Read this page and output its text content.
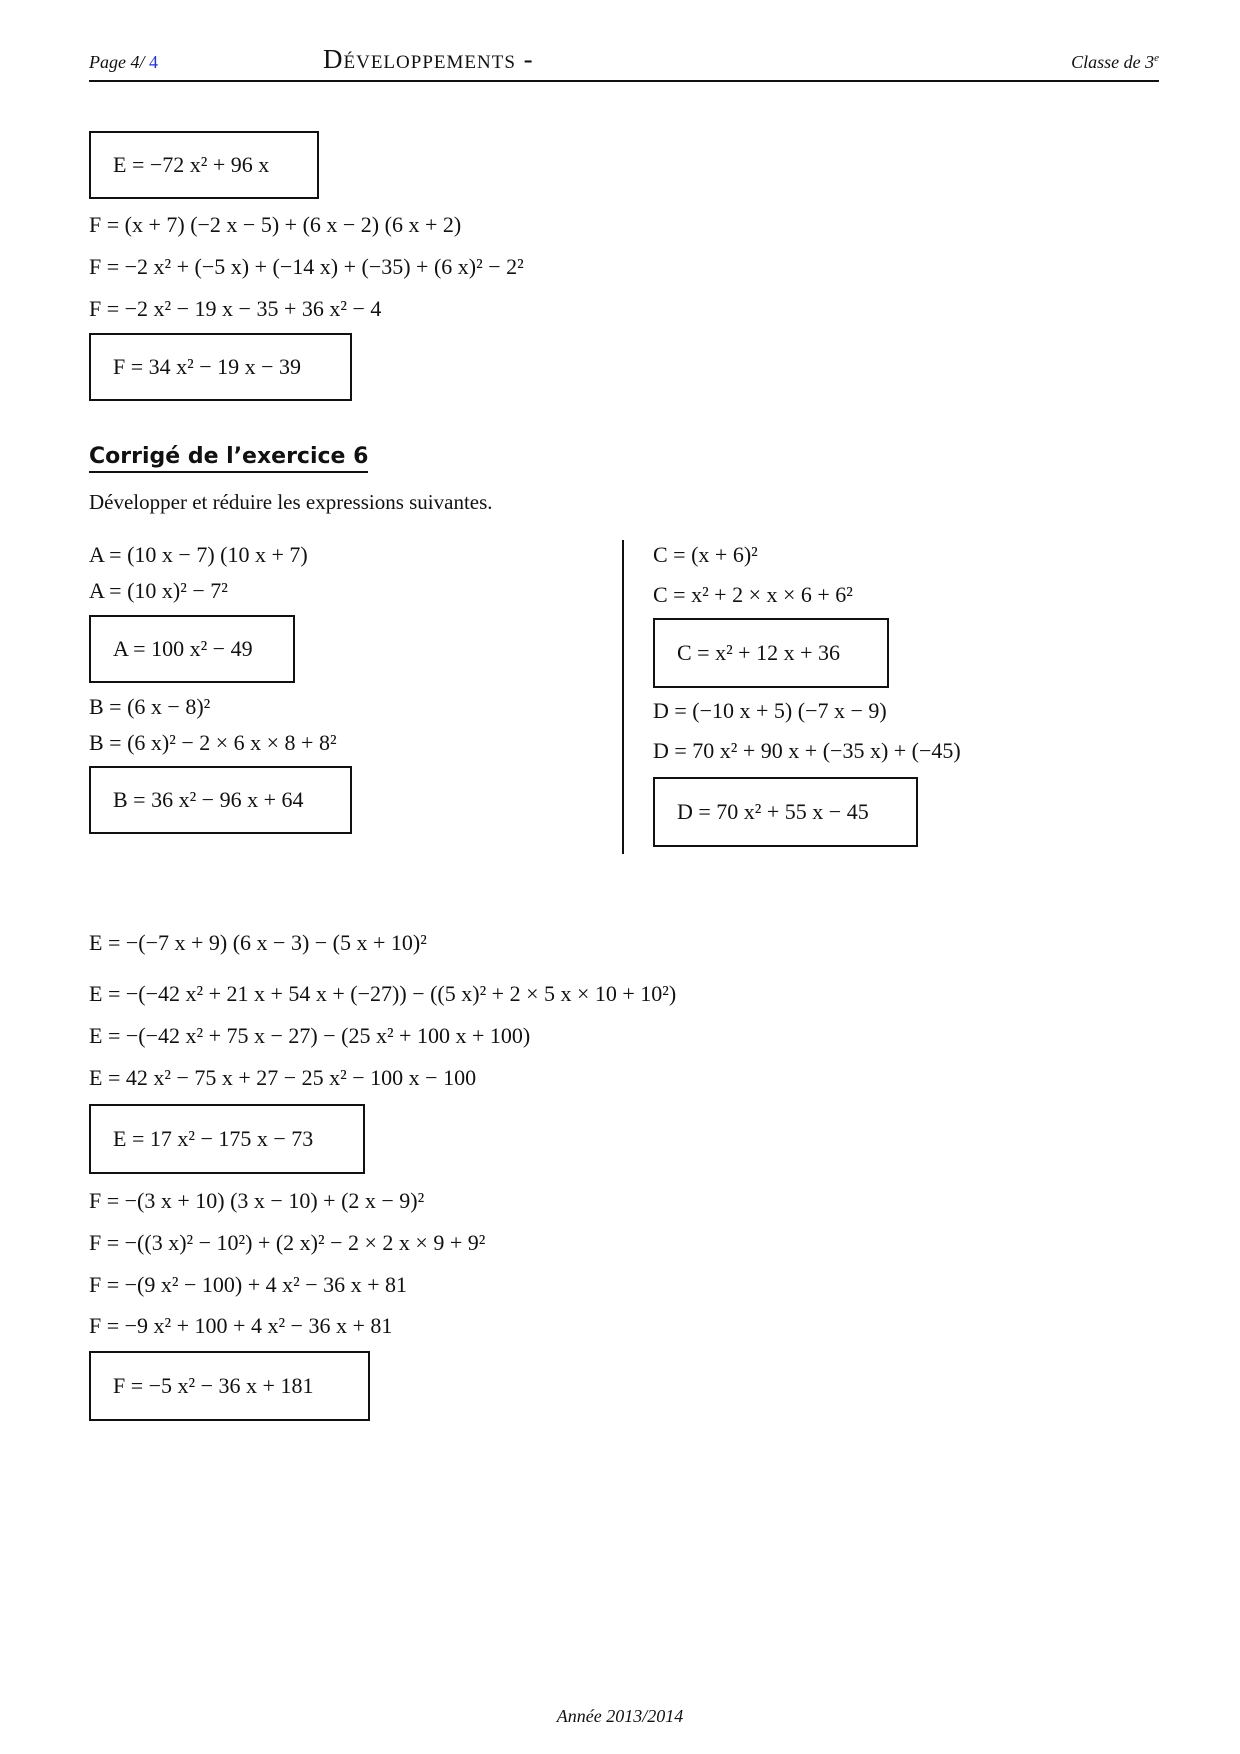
Page 4/ 4	Développements -	Classe de 3e
E = −72 x² + 96 x
F = (x + 7) (−2 x − 5) + (6 x − 2) (6 x + 2)
F = −2 x² + (−5 x) + (−14 x) + (−35) + (6 x)² − 2²
F = −2 x² − 19 x − 35 + 36 x² − 4
F = 34 x² − 19 x − 39
Corrigé de l’exercice 6
Développer et réduire les expressions suivantes.
A = (10 x − 7) (10 x + 7)
A = (10 x)² − 7²
A = 100 x² − 49
B = (6 x − 8)²
B = (6 x)² − 2 × 6 x × 8 + 8²
B = 36 x² − 96 x + 64
C = (x + 6)²
C = x² + 2 × x × 6 + 6²
C = x² + 12 x + 36
D = (−10 x + 5) (−7 x − 9)
D = 70 x² + 90 x + (−35 x) + (−45)
D = 70 x² + 55 x − 45
E = −(−7 x + 9) (6 x − 3) − (5 x + 10)²
E = −(−42 x² + 21 x + 54 x + (−27)) − ((5 x)² + 2 × 5 x × 10 + 10²)
E = −(−42 x² + 75 x − 27) − (25 x² + 100 x + 100)
E = 42 x² − 75 x + 27 − 25 x² − 100 x − 100
E = 17 x² − 175 x − 73
F = −(3 x + 10) (3 x − 10) + (2 x − 9)²
F = −((3 x)² − 10²) + (2 x)² − 2 × 2 x × 9 + 9²
F = −(9 x² − 100) + 4 x² − 36 x + 81
F = −9 x² + 100 + 4 x² − 36 x + 81
F = −5 x² − 36 x + 181
Année 2013/2014
